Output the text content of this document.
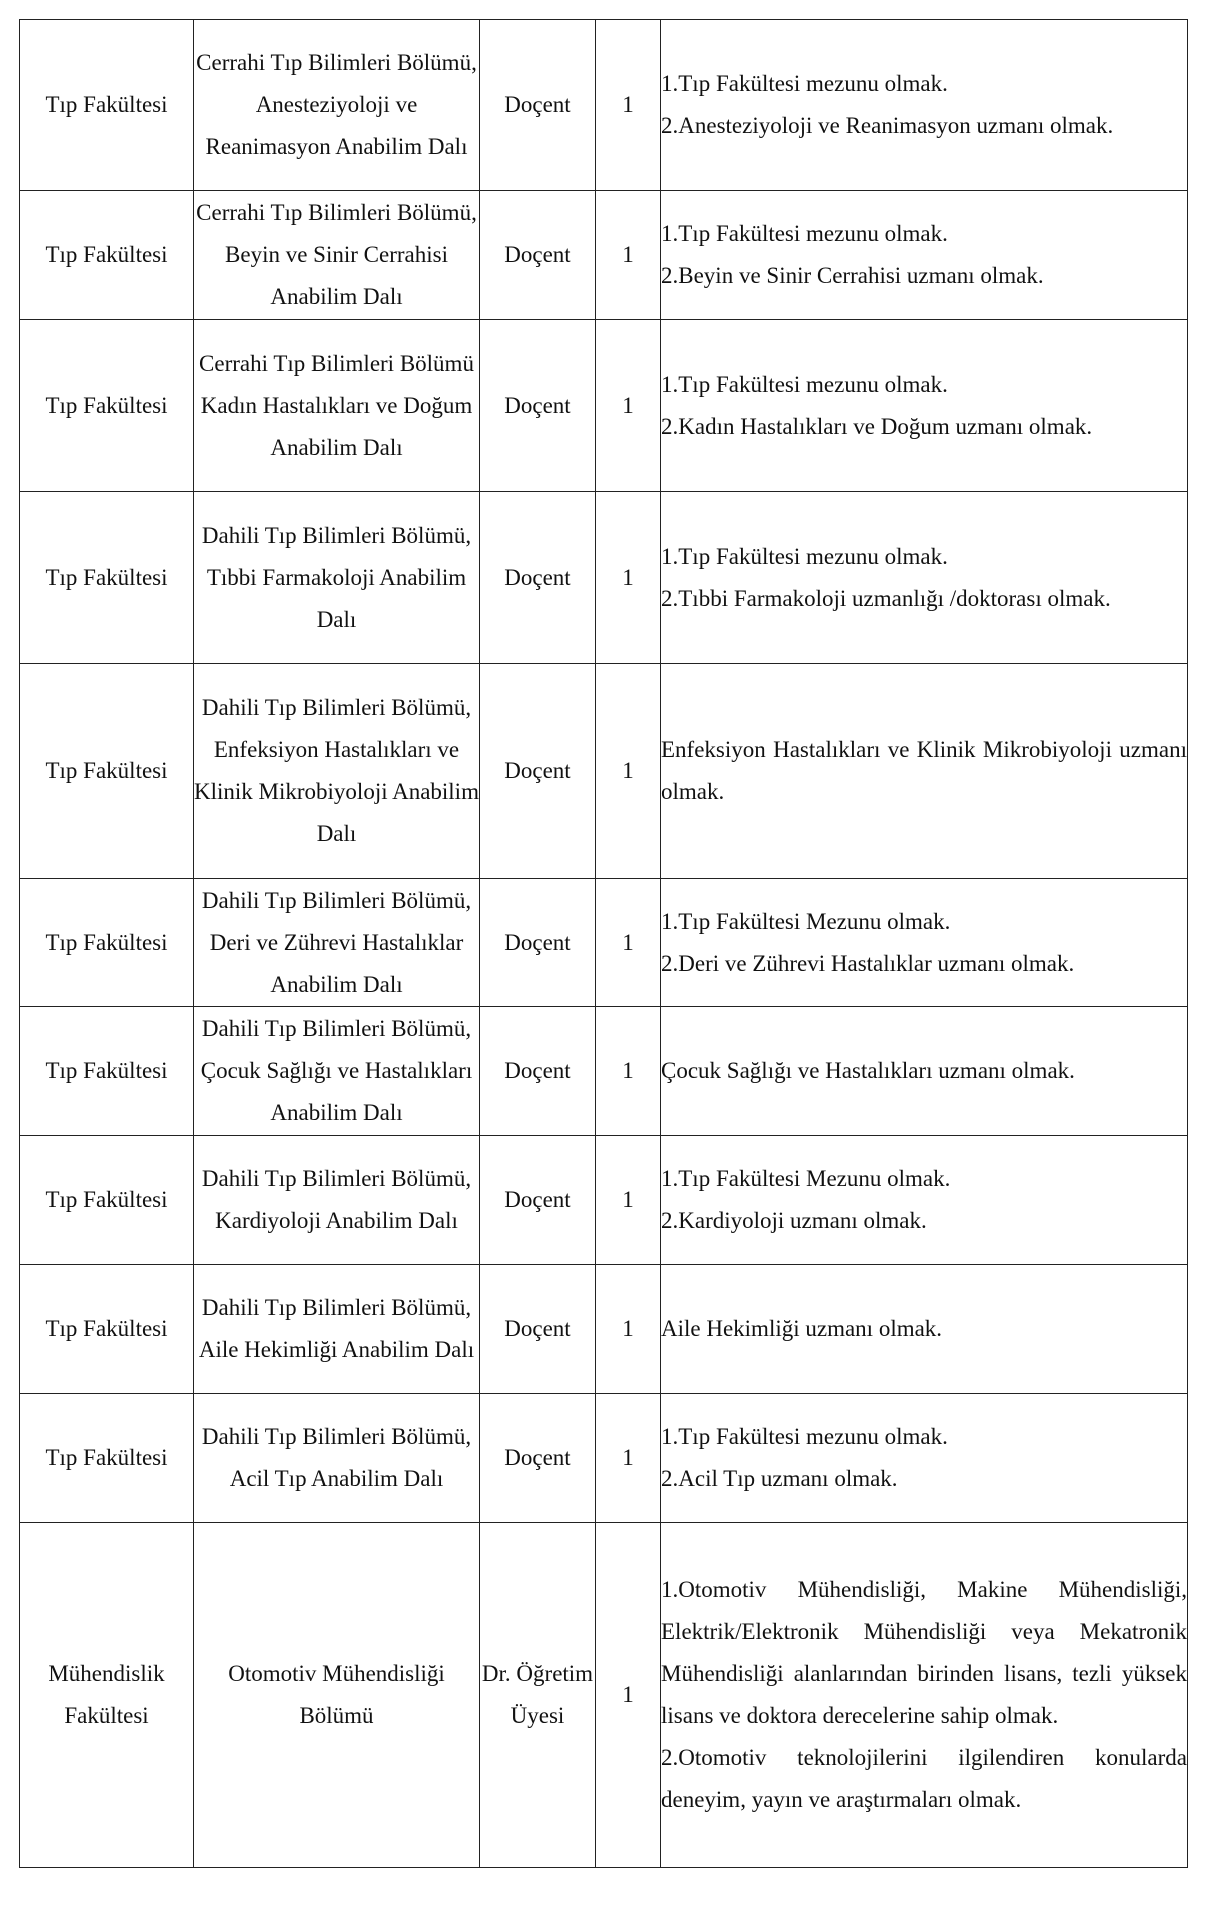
Tıp Fakültesi	Cerrahi Tıp Bilimleri Bölümü, Anesteziyoloji ve Reanimasyon Anabilim Dalı	Doçent	1	1.Tıp Fakültesi mezunu olmak.

2.Anesteziyoloji ve Reanimasyon uzmanı olmak.

Tıp Fakültesi	Cerrahi Tıp Bilimleri Bölümü, Beyin ve Sinir Cerrahisi Anabilim Dalı	Doçent	1	1.Tıp Fakültesi mezunu olmak.

2.Beyin ve Sinir Cerrahisi uzmanı olmak.

Tıp Fakültesi	Cerrahi Tıp Bilimleri Bölümü Kadın Hastalıkları ve Doğum Anabilim Dalı	Doçent	1	1.Tıp Fakültesi mezunu olmak.

2.Kadın Hastalıkları ve Doğum uzmanı olmak.

Tıp Fakültesi	Dahili Tıp Bilimleri Bölümü, Tıbbi Farmakoloji Anabilim Dalı	Doçent	1	1.Tıp Fakültesi mezunu olmak.

2.Tıbbi Farmakoloji uzmanlığı /doktorası olmak.

Tıp Fakültesi	Dahili Tıp Bilimleri Bölümü, Enfeksiyon Hastalıkları ve Klinik Mikrobiyoloji Anabilim Dalı	Doçent	1	Enfeksiyon Hastalıkları ve Klinik Mikrobiyoloji uzmanı olmak.

Tıp Fakültesi	Dahili Tıp Bilimleri Bölümü, Deri ve Zührevi Hastalıklar Anabilim Dalı	Doçent	1	1.Tıp Fakültesi Mezunu olmak.

2.Deri ve Zührevi Hastalıklar uzmanı olmak.

Tıp Fakültesi	Dahili Tıp Bilimleri Bölümü, Çocuk Sağlığı ve Hastalıkları Anabilim Dalı	Doçent	1	Çocuk Sağlığı ve Hastalıkları uzmanı olmak.

Tıp Fakültesi	Dahili Tıp Bilimleri Bölümü, Kardiyoloji Anabilim Dalı	Doçent	1	1.Tıp Fakültesi Mezunu olmak.

2.Kardiyoloji uzmanı olmak.

Tıp Fakültesi	Dahili Tıp Bilimleri Bölümü, Aile Hekimliği Anabilim Dalı	Doçent	1	Aile Hekimliği uzmanı olmak.

Tıp Fakültesi	Dahili Tıp Bilimleri Bölümü, Acil Tıp Anabilim Dalı	Doçent	1	1.Tıp Fakültesi mezunu olmak.

2.Acil Tıp uzmanı olmak.

Mühendislik Fakültesi	Otomotiv Mühendisliği Bölümü	Dr. Öğretim Üyesi	1	1.Otomotiv Mühendisliği, Makine Mühendisliği, Elektrik/Elektronik Mühendisliği veya Mekatronik Mühendisliği alanlarından birinden lisans, tezli yüksek lisans ve doktora derecelerine sahip olmak.

2.Otomotiv teknolojilerini ilgilendiren konularda deneyim, yayın ve araştırmaları olmak.
